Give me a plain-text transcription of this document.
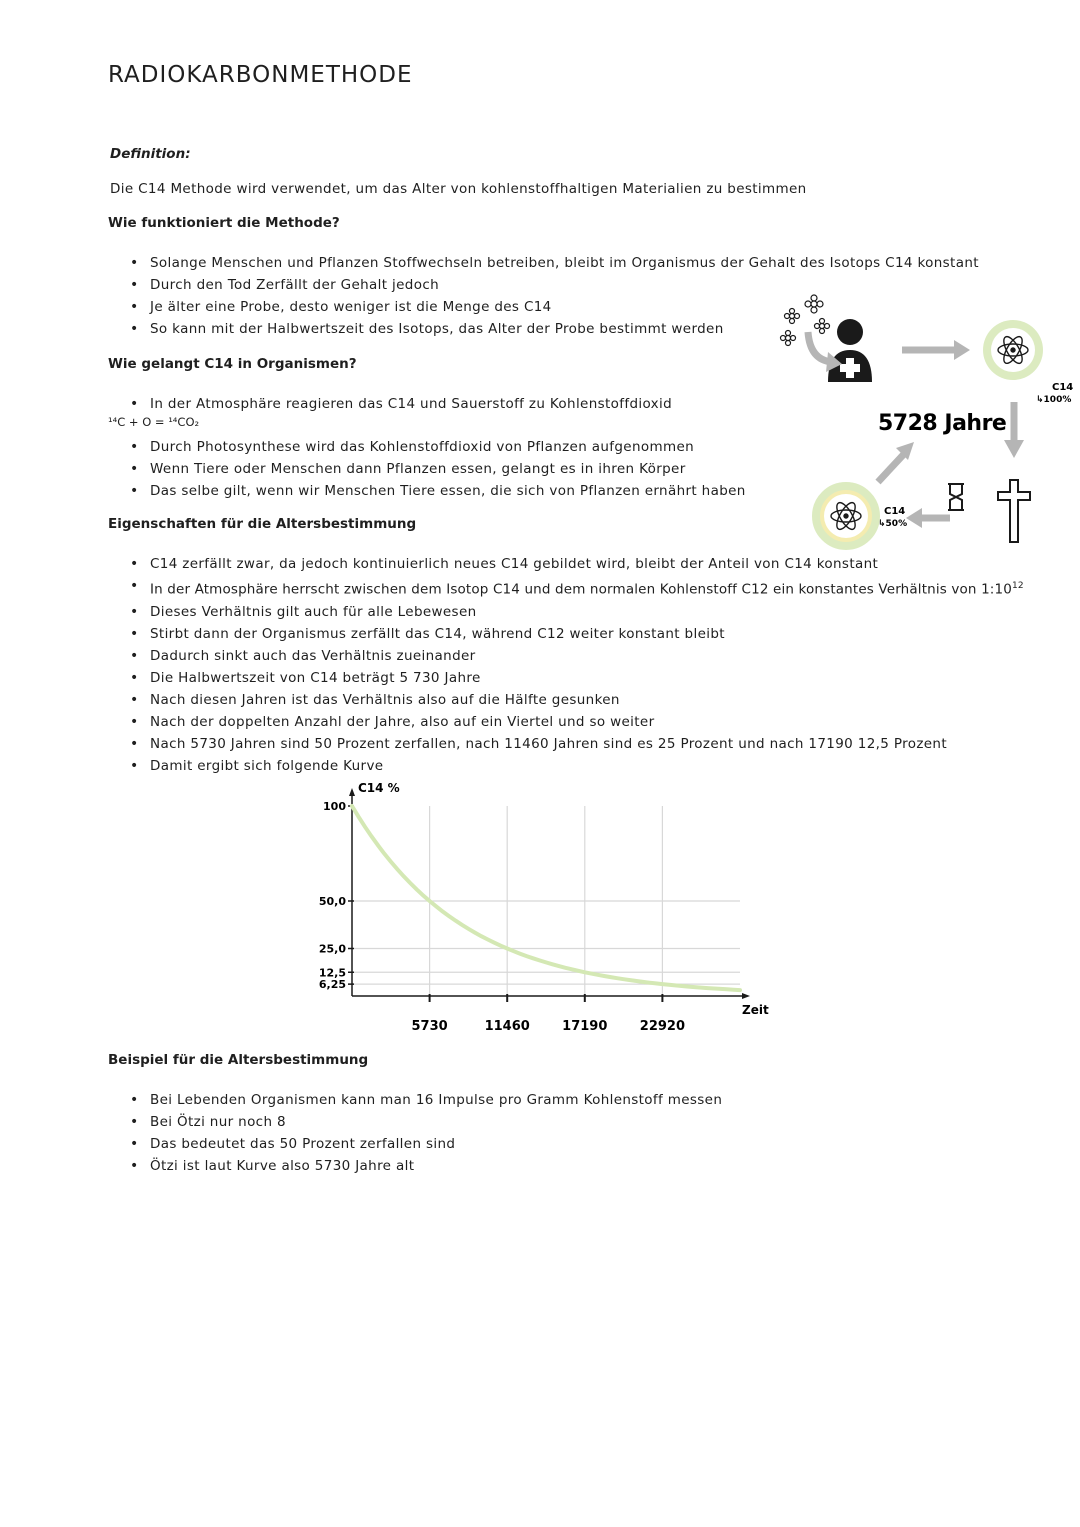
RADIOKARBONMETHODE
Definition:
Die C14 Methode wird verwendet, um das Alter von kohlenstoffhaltigen Materialien zu bestimmen
Wie funktioniert die Methode?
• Solange Menschen und Pflanzen Stoffwechseln betreiben, bleibt im Organismus der Gehalt des Isotops C14 konstant
• Durch den Tod Zerfällt der Gehalt jedoch
• Je älter eine Probe, desto weniger ist die Menge des C14
• So kann mit der Halbwertszeit des Isotops, das Alter der Probe bestimmt werden
Wie gelangt C14 in Organismen?
• In der Atmosphäre reagieren das C14 und Sauerstoff zu Kohlenstoffdioxid
¹⁴C + O = ¹⁴CO₂
• Durch Photosynthese wird das Kohlenstoffdioxid von Pflanzen aufgenommen
• Wenn Tiere oder Menschen dann Pflanzen essen, gelangt es in ihren Körper
• Das selbe gilt, wenn wir Menschen Tiere essen, die sich von Pflanzen ernährt haben
Eigenschaften für die Altersbestimmung
• C14 zerfällt zwar, da jedoch kontinuierlich neues C14 gebildet wird, bleibt der Anteil von C14 konstant
• In der Atmosphäre herrscht zwischen dem Isotop C14 und dem normalen Kohlenstoff C12 ein konstantes Verhältnis von $1:10^{12}$
• Dieses Verhältnis gilt auch für alle Lebewesen
• Stirbt dann der Organismus zerfällt das C14, während C12 weiter konstant bleibt
• Dadurch sinkt auch das Verhältnis zueinander
• Die Halbwertszeit von C14 beträgt 5 730 Jahre
• Nach diesen Jahren ist das Verhältnis also auf die Hälfte gesunken
• Nach der doppelten Anzahl der Jahre, also auf ein Viertel und so weiter
• Nach 5730 Jahren sind 50 Prozent zerfallen, nach 11460 Jahren sind es 25 Prozent und nach 17190 12,5 Prozent
• Damit ergibt sich folgende Kurve
C14
↳100%
5728 Jahre
C14
↳50%
C14 %
Zeit
100
50,0
25,0
12,5
6,25
5730	11460 17190 22920
Beispiel für die Altersbestimmung
• Bei Lebenden Organismen kann man 16 Impulse pro Gramm Kohlenstoff messen
• Bei Ötzi nur noch 8
• Das bedeutet das 50 Prozent zerfallen sind
• Ötzi ist laut Kurve also 5730 Jahre alt
